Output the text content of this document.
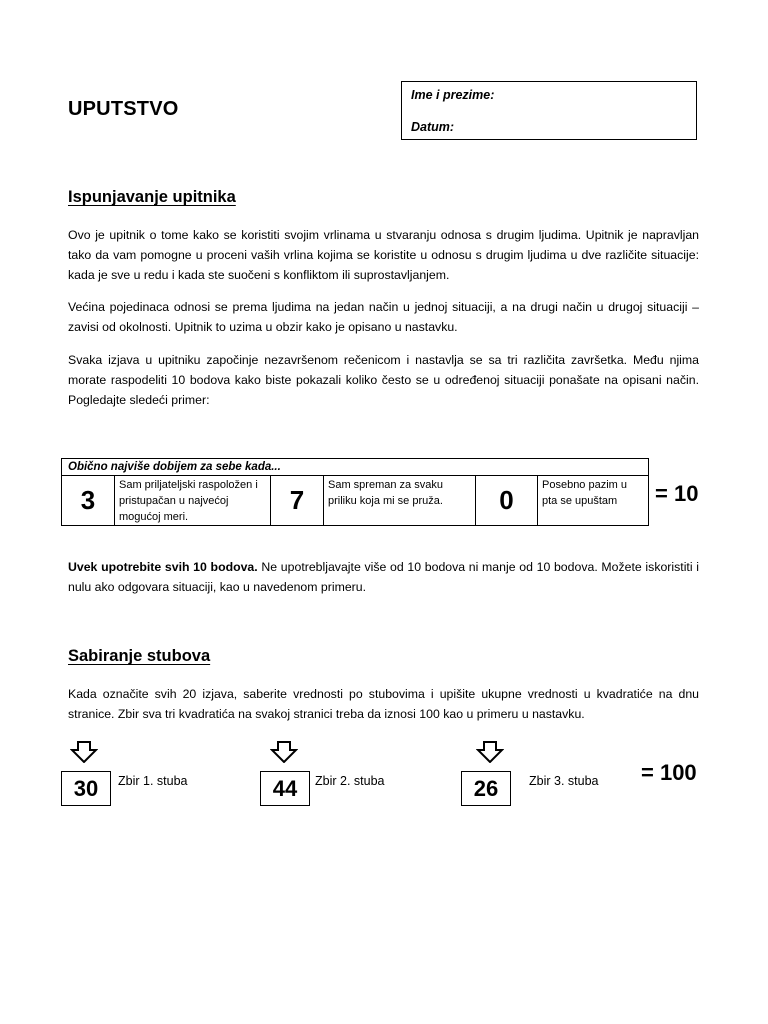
UPUTSTVO
Ime i prezime:
Datum:
Ispunjavanje upitnika
Ovo je upitnik o tome kako se koristiti svojim vrlinama u stvaranju odnosa s drugim ljudima. Upitnik je napravljan tako da vam pomogne u proceni vaših vrlina kojima se koristite u odnosu s drugim ljudima u dve različite situacije: kada je sve u redu i kada ste suočeni s konfliktom ili suprostavljanjem.
Većina pojedinaca odnosi se prema ljudima na jedan način u jednoj situaciji, a na drugi način u drugoj situaciji – zavisi od okolnosti. Upitnik to uzima u obzir kako je opisano u nastavku.
Svaka izjava u upitniku započinje nezavršenom rečenicom i nastavlja se sa tri različita završetka. Među njima morate raspodeliti 10 bodova kako biste pokazali koliko često se u određenoj situaciji ponašate na opisani način. Pogledajte sledeći primer:
Obično najviše dobijem za sebe kada...
3	Sam priljateljski raspoložen i pristupačan u najvećoj mogućoj meri.	7	Sam spreman za svaku priliku koja mi se pruža.	0	Posebno pazim u pta se upuštam = 10
Uvek upotrebite svih 10 bodova. Ne upotrebljavajte više od 10 bodova ni manje od 10 bodova. Možete iskoristiti i nulu ako odgovara situaciji, kao u navedenom primeru.
Sabiranje stubova
Kada označite svih 20 izjava, saberite vrednosti po stubovima i upišite ukupne vrednosti u kvadratiće na dnu stranice. Zbir sva tri kvadratića na svakoj stranici treba da iznosi 100 kao u primeru u nastavku.
30	Zbir 1. stuba	44	Zbir 2. stuba	26	Zbir 3. stuba = 100
